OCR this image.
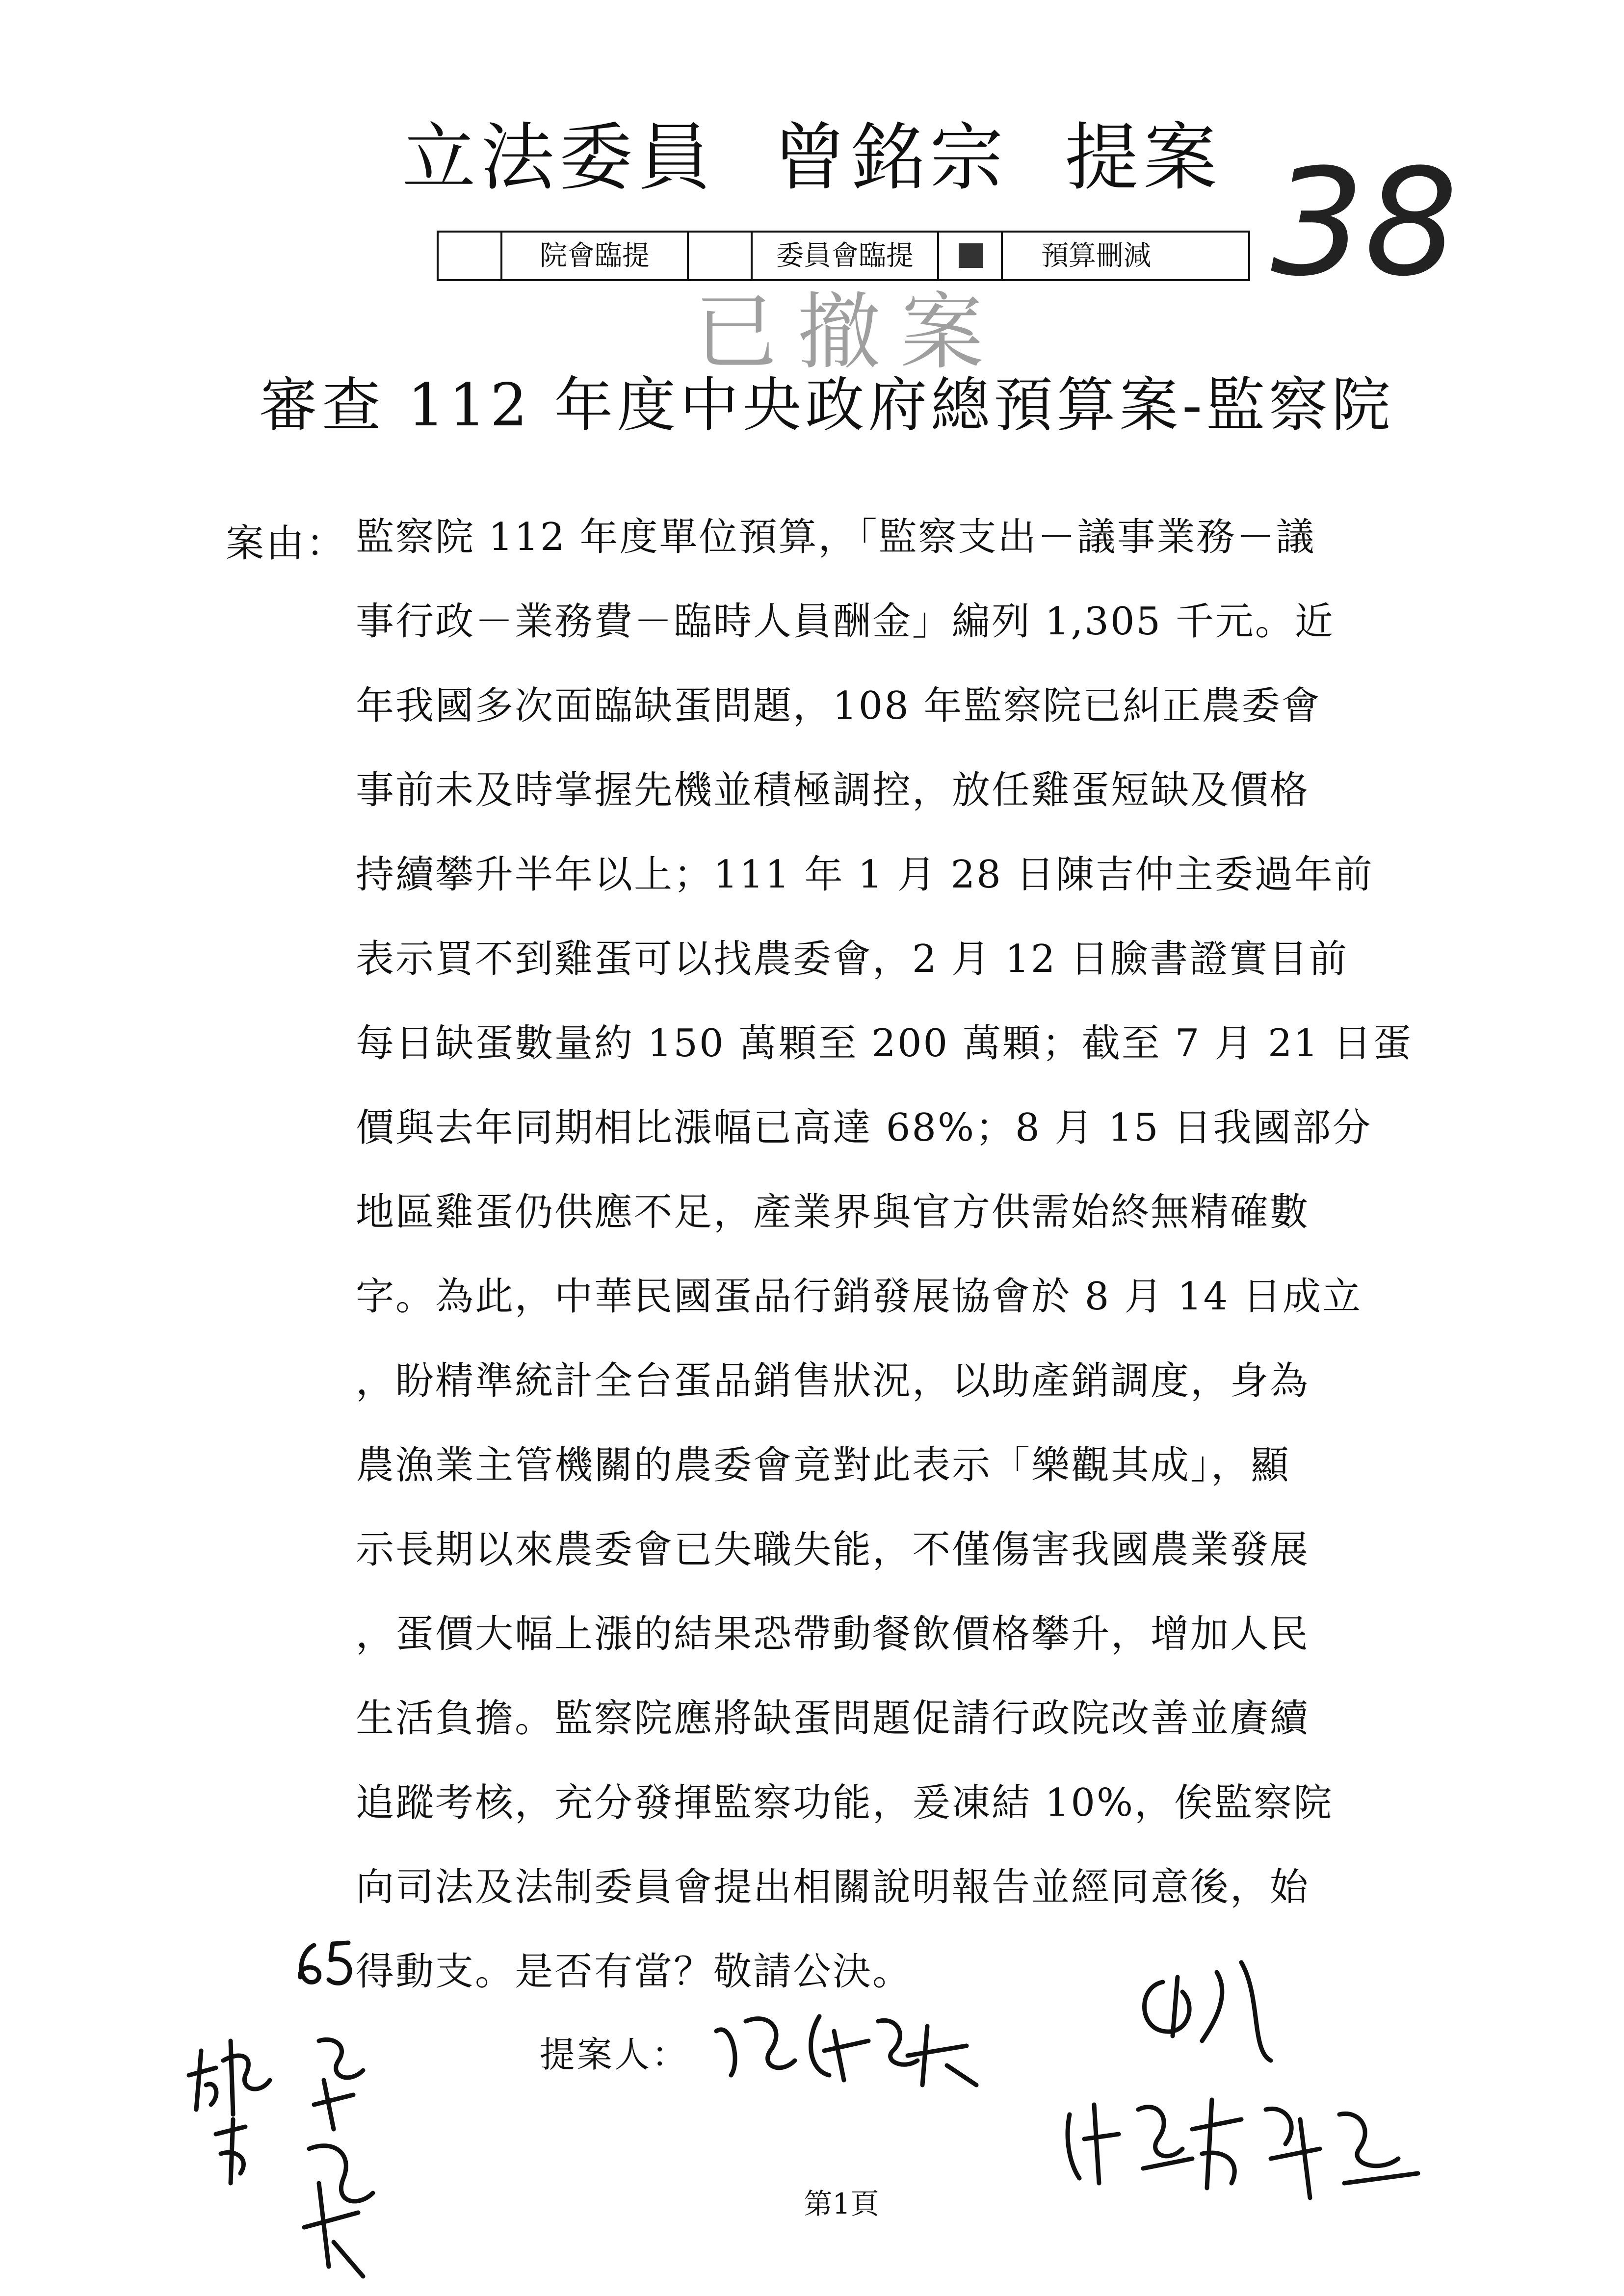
立法委員  曾銘宗  提案 38
院會臨提	委員會臨提	預算刪減
已撤案
審查 112 年度中央政府總預算案-監察院
案由： 監察院 112 年度單位預算，「監察支出－議事業務－議
事行政－業務費－臨時人員酬金」編列 1,305 千元。近
年我國多次面臨缺蛋問題，108 年監察院已糾正農委會
事前未及時掌握先機並積極調控，放任雞蛋短缺及價格
持續攀升半年以上；111 年 1 月 28 日陳吉仲主委過年前
表示買不到雞蛋可以找農委會，2 月 12 日臉書證實目前
每日缺蛋數量約 150 萬顆至 200 萬顆；截至 7 月 21 日蛋
價與去年同期相比漲幅已高達 68%；8 月 15 日我國部分
地區雞蛋仍供應不足，產業界與官方供需始終無精確數
字。為此，中華民國蛋品行銷發展協會於 8 月 14 日成立
，盼精準統計全台蛋品銷售狀況，以助產銷調度，身為
農漁業主管機關的農委會竟對此表示「樂觀其成」，顯
示長期以來農委會已失職失能，不僅傷害我國農業發展
，蛋價大幅上漲的結果恐帶動餐飲價格攀升，增加人民
生活負擔。監察院應將缺蛋問題促請行政院改善並賡續
追蹤考核，充分發揮監察功能，爰凍結 10%，俟監察院
向司法及法制委員會提出相關說明報告並經同意後，始
得動支。是否有當？敬請公決。
提案人：
第1頁
